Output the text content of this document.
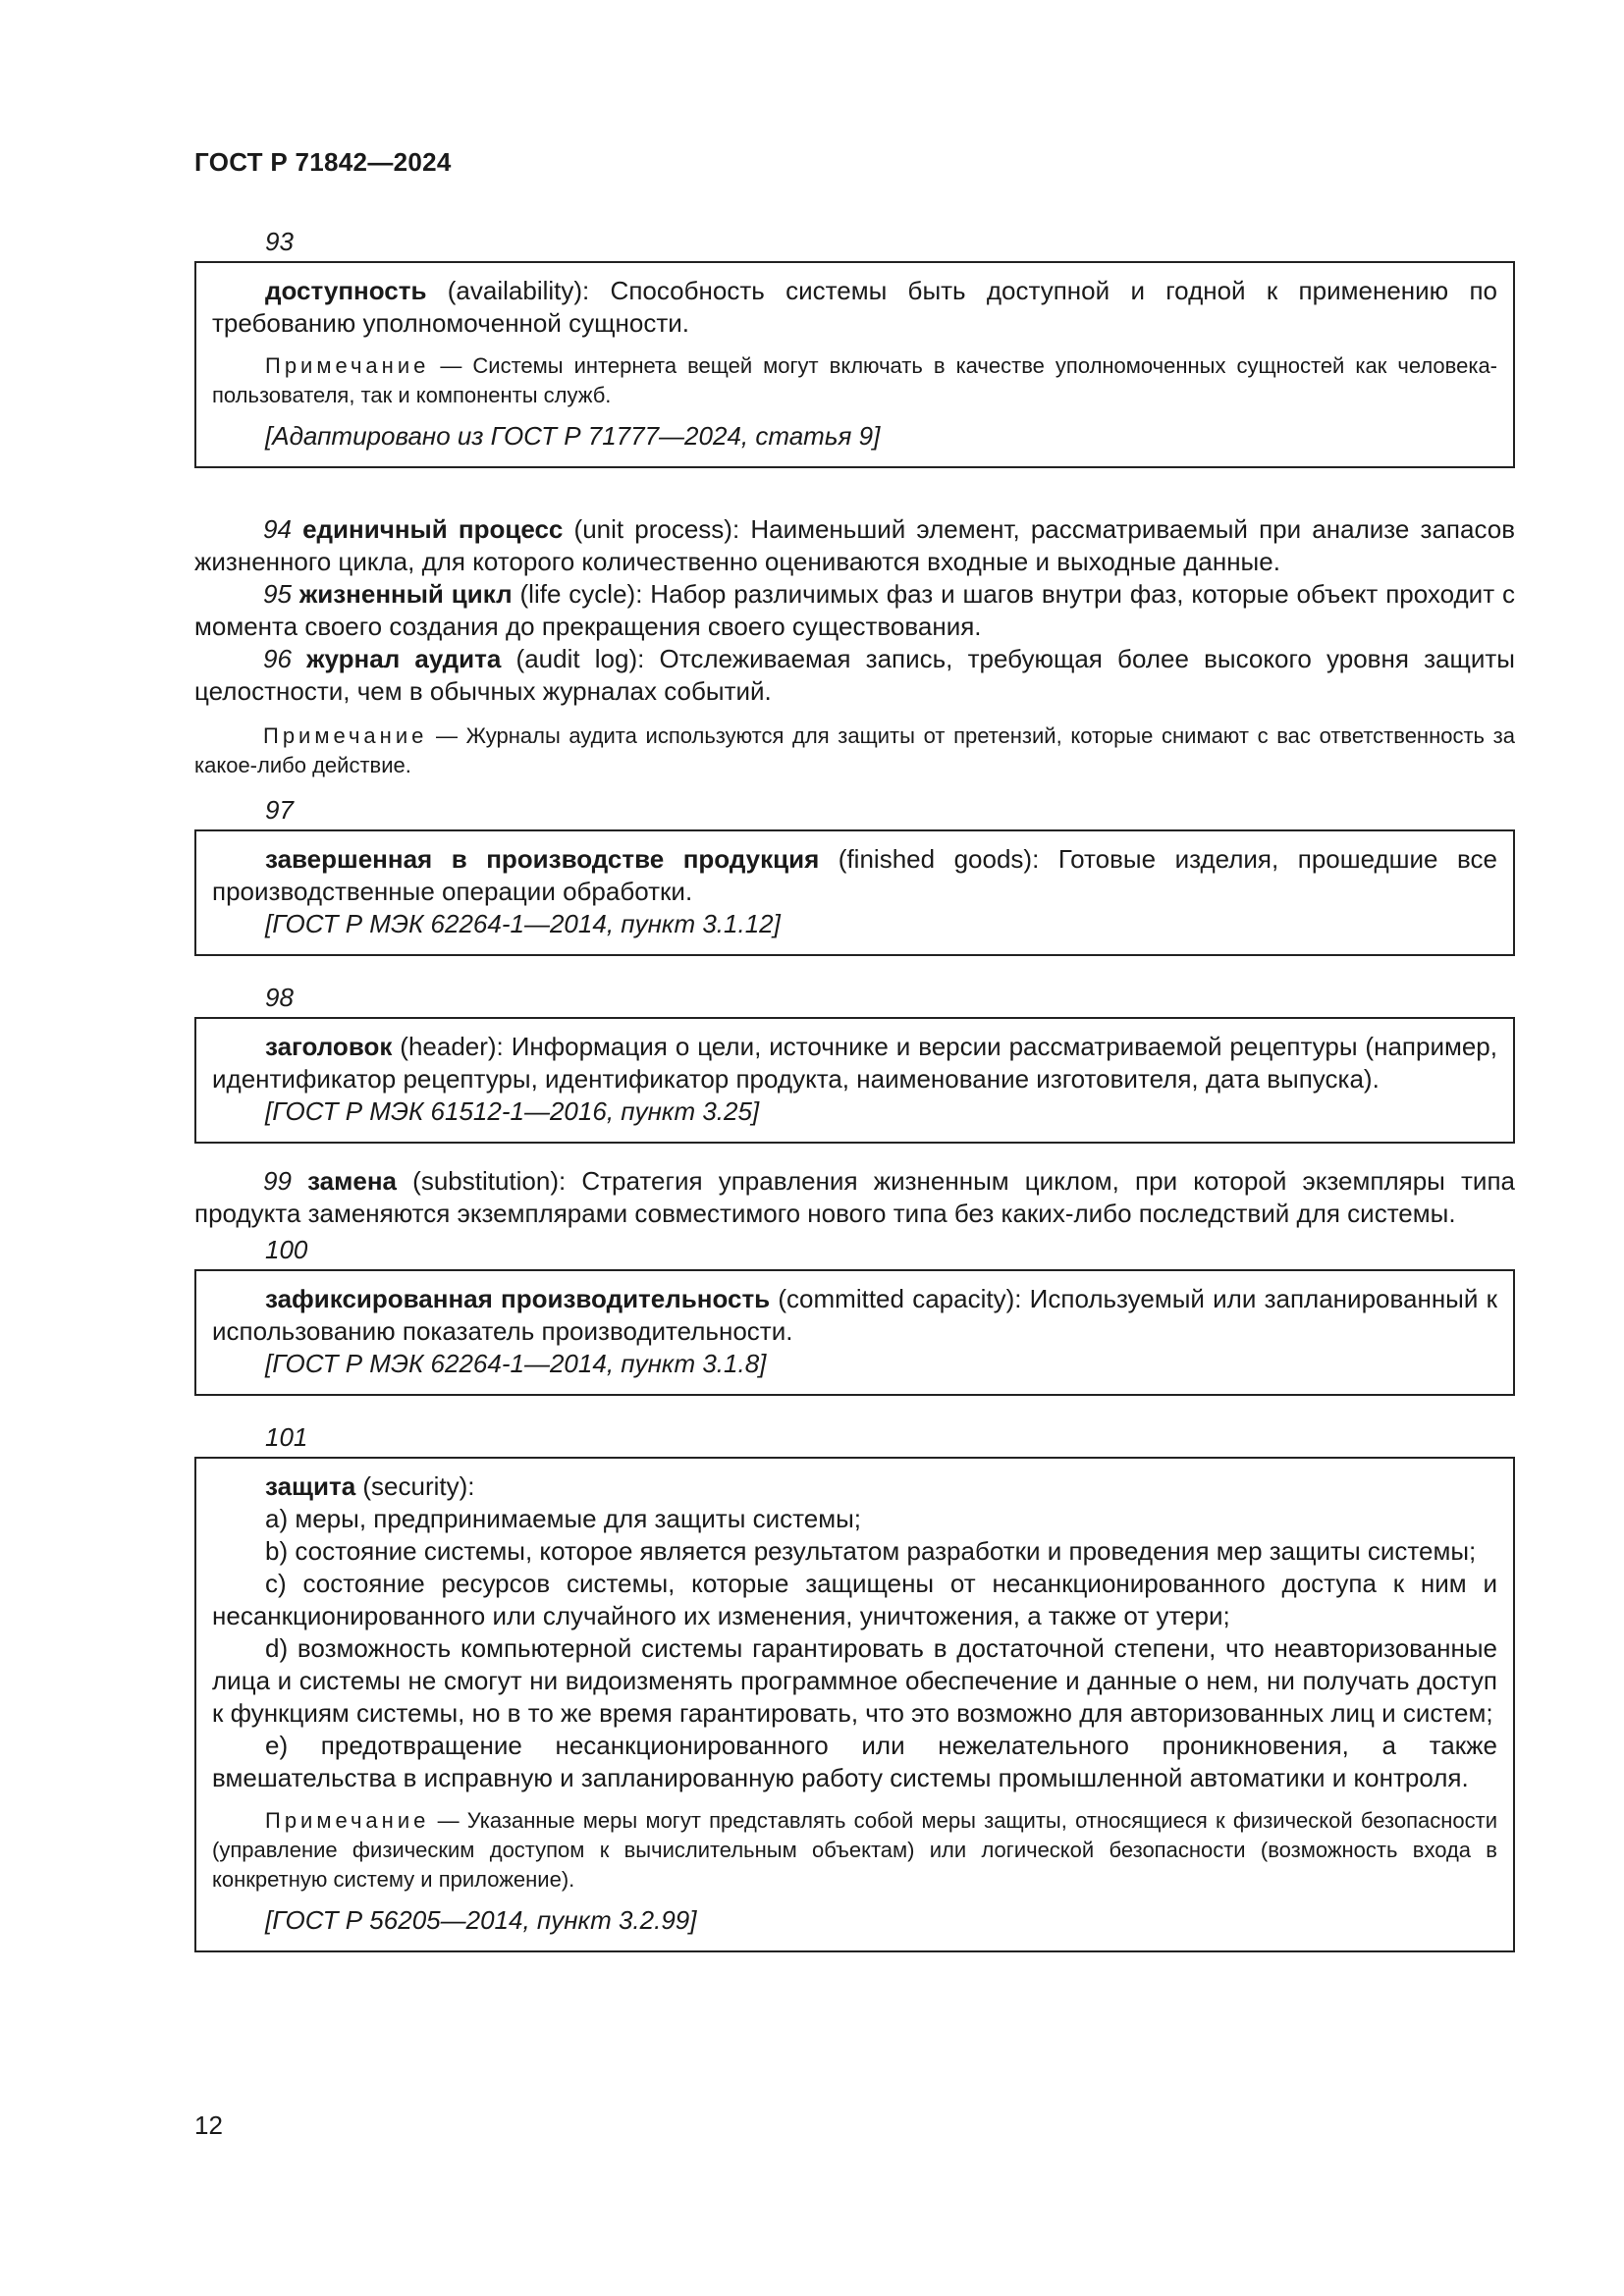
ГОСТ Р 71842—2024
93

доступность (availability): Способность системы быть доступной и годной к применению по требованию уполномоченной сущности.

Примечание — Системы интернета вещей могут включать в качестве уполномоченных сущностей как человека-пользователя, так и компоненты служб.

[Адаптировано из ГОСТ Р 71777—2024, статья 9]

94 единичный процесс (unit process): Наименьший элемент, рассматриваемый при анализе запасов жизненного цикла, для которого количественно оцениваются входные и выходные данные.

95 жизненный цикл (life cycle): Набор различимых фаз и шагов внутри фаз, которые объект проходит с момента своего создания до прекращения своего существования.

96 журнал аудита (audit log): Отслеживаемая запись, требующая более высокого уровня защиты целостности, чем в обычных журналах событий.

Примечание — Журналы аудита используются для защиты от претензий, которые снимают с вас ответственность за какое-либо действие.

97

завершенная в производстве продукция (finished goods): Готовые изделия, прошедшие все производственные операции обработки.

[ГОСТ Р МЭК 62264-1—2014, пункт 3.1.12]

98

заголовок (header): Информация о цели, источнике и версии рассматриваемой рецептуры (например, идентификатор рецептуры, идентификатор продукта, наименование изготовителя, дата выпуска).

[ГОСТ Р МЭК 61512-1—2016, пункт 3.25]

99 замена (substitution): Стратегия управления жизненным циклом, при которой экземпляры типа продукта заменяются экземплярами совместимого нового типа без каких-либо последствий для системы.

100

зафиксированная производительность (committed capacity): Используемый или запланированный к использованию показатель производительности.

[ГОСТ Р МЭК 62264-1—2014, пункт 3.1.8]

101

защита (security):

a) меры, предпринимаемые для защиты системы;

b) состояние системы, которое является результатом разработки и проведения мер защиты системы;

c) состояние ресурсов системы, которые защищены от несанкционированного доступа к ним и несанкционированного или случайного их изменения, уничтожения, а также от утери;

d) возможность компьютерной системы гарантировать в достаточной степени, что неавторизованные лица и системы не смогут ни видоизменять программное обеспечение и данные о нем, ни получать доступ к функциям системы, но в то же время гарантировать, что это возможно для авторизованных лиц и систем;

e) предотвращение несанкционированного или нежелательного проникновения, а также вмешательства в исправную и запланированную работу системы промышленной автоматики и контроля.

Примечание — Указанные меры могут представлять собой меры защиты, относящиеся к физической безопасности (управление физическим доступом к вычислительным объектам) или логической безопасности (возможность входа в конкретную систему и приложение).

[ГОСТ Р 56205—2014, пункт 3.2.99]

12
